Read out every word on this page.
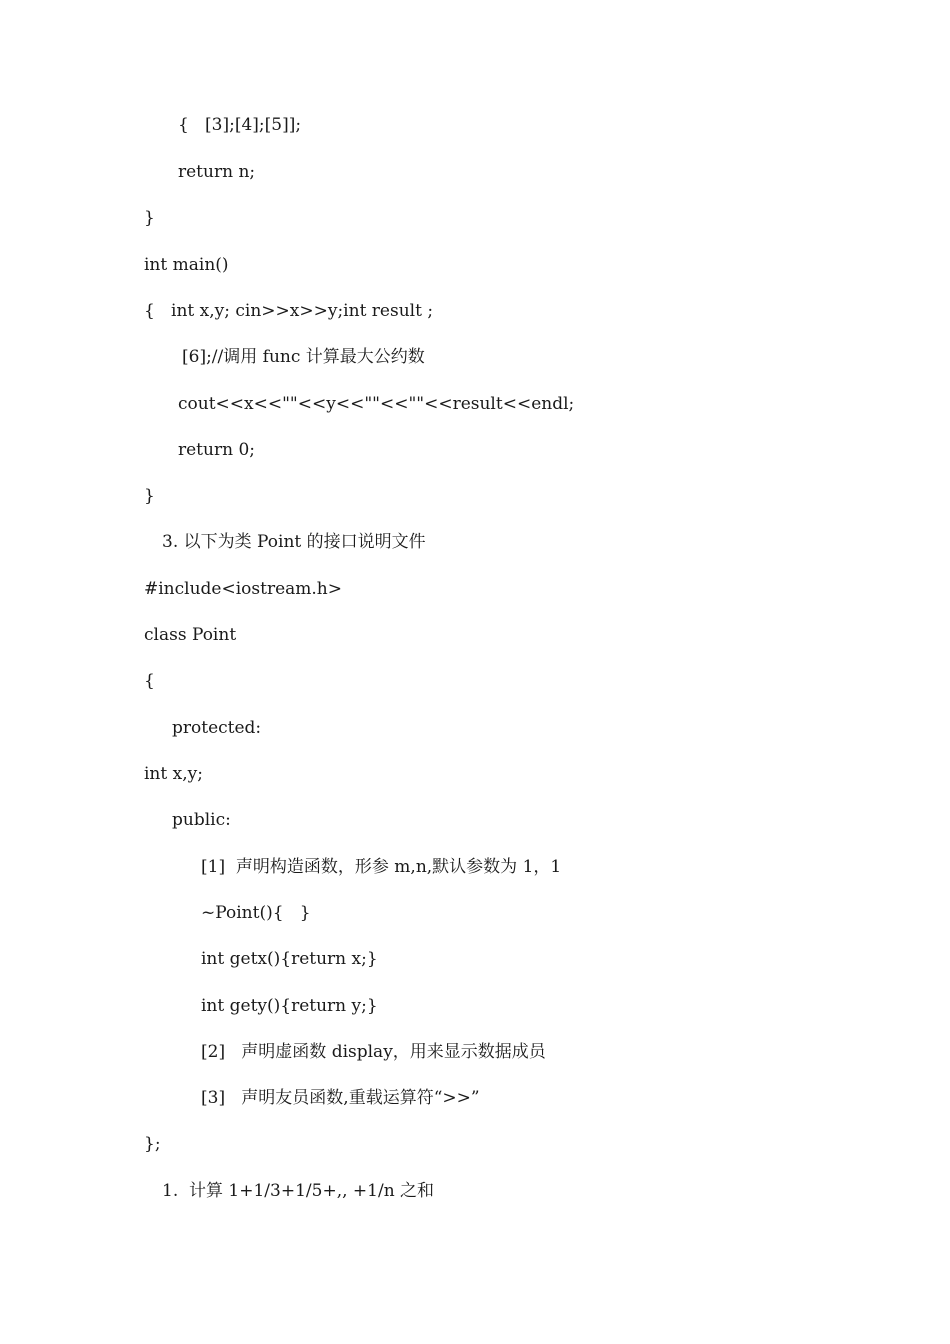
{   [3];[4];[5]];
return n;
}
int main()
{   int x,y; cin>>x>>y;int result ;
[6];//调用 func 计算最大公约数
cout<<x<<""<<y<<""<<""<<result<<endl;
return 0;
}
3. 以下为类 Point 的接口说明文件
#include<iostream.h>
class Point
{
protected:
int x,y;
public:
[1]  声明构造函数，形参 m,n,默认参数为 1，1
~Point(){   }
int getx(){return x;}
int gety(){return y;}
[2]   声明虚函数 display，用来显示数据成员
[3]   声明友员函数,重载运算符“>>”
};
1.  计算 1+1/3+1/5+,, +1/n 之和
